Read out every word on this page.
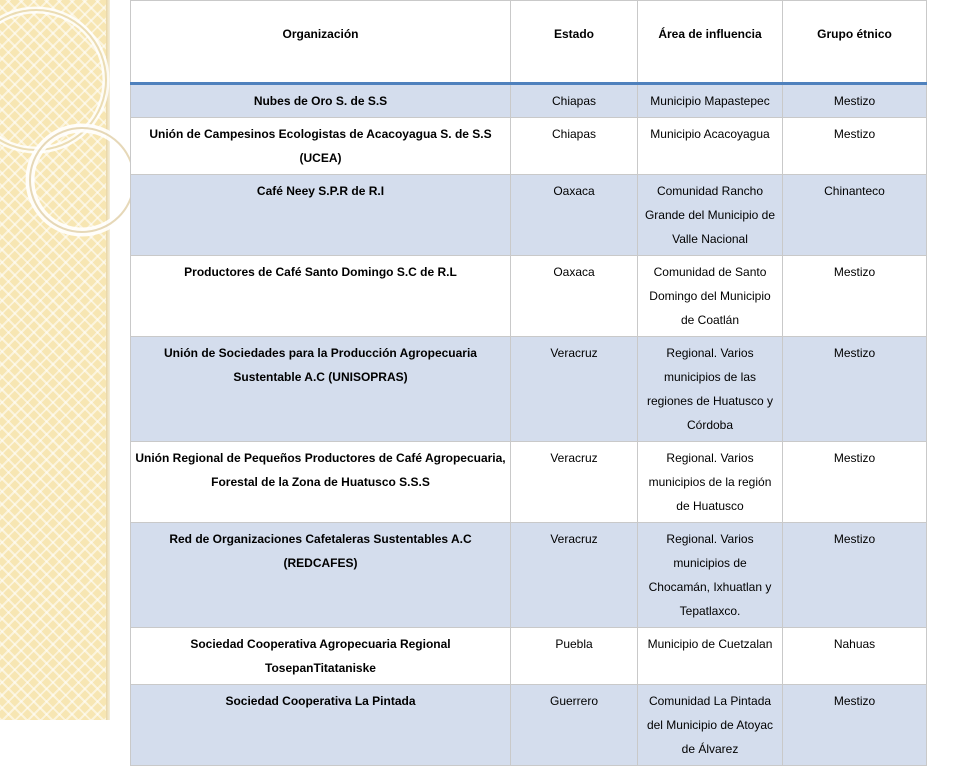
Organización	Estado	Área de influencia	Grupo étnico
Nubes de Oro S. de S.S	Chiapas	Municipio Mapastepec	Mestizo
Unión de Campesinos Ecologistas de Acacoyagua S. de S.S (UCEA)	Chiapas	Municipio Acacoyagua	Mestizo
Café Neey S.P.R de R.I	Oaxaca	Comunidad Rancho Grande del Municipio de Valle Nacional	Chinanteco
Productores de Café Santo Domingo S.C de R.L	Oaxaca	Comunidad de Santo Domingo del Municipio de Coatlán	Mestizo
Unión de Sociedades para la Producción Agropecuaria Sustentable A.C (UNISOPRAS)	Veracruz	Regional. Varios municipios de las regiones de Huatusco y Córdoba	Mestizo
Unión Regional de Pequeños Productores de Café Agropecuaria, Forestal de la Zona de Huatusco S.S.S	Veracruz	Regional. Varios municipios de la región de Huatusco	Mestizo
Red de Organizaciones Cafetaleras Sustentables A.C (REDCAFES)	Veracruz	Regional. Varios municipios de Chocamán, Ixhuatlan y Tepatlaxco.	Mestizo
Sociedad Cooperativa Agropecuaria Regional TosepanTitataniske	Puebla	Municipio de Cuetzalan	Nahuas
Sociedad Cooperativa La Pintada	Guerrero	Comunidad La Pintada del Municipio de Atoyac de Álvarez	Mestizo
